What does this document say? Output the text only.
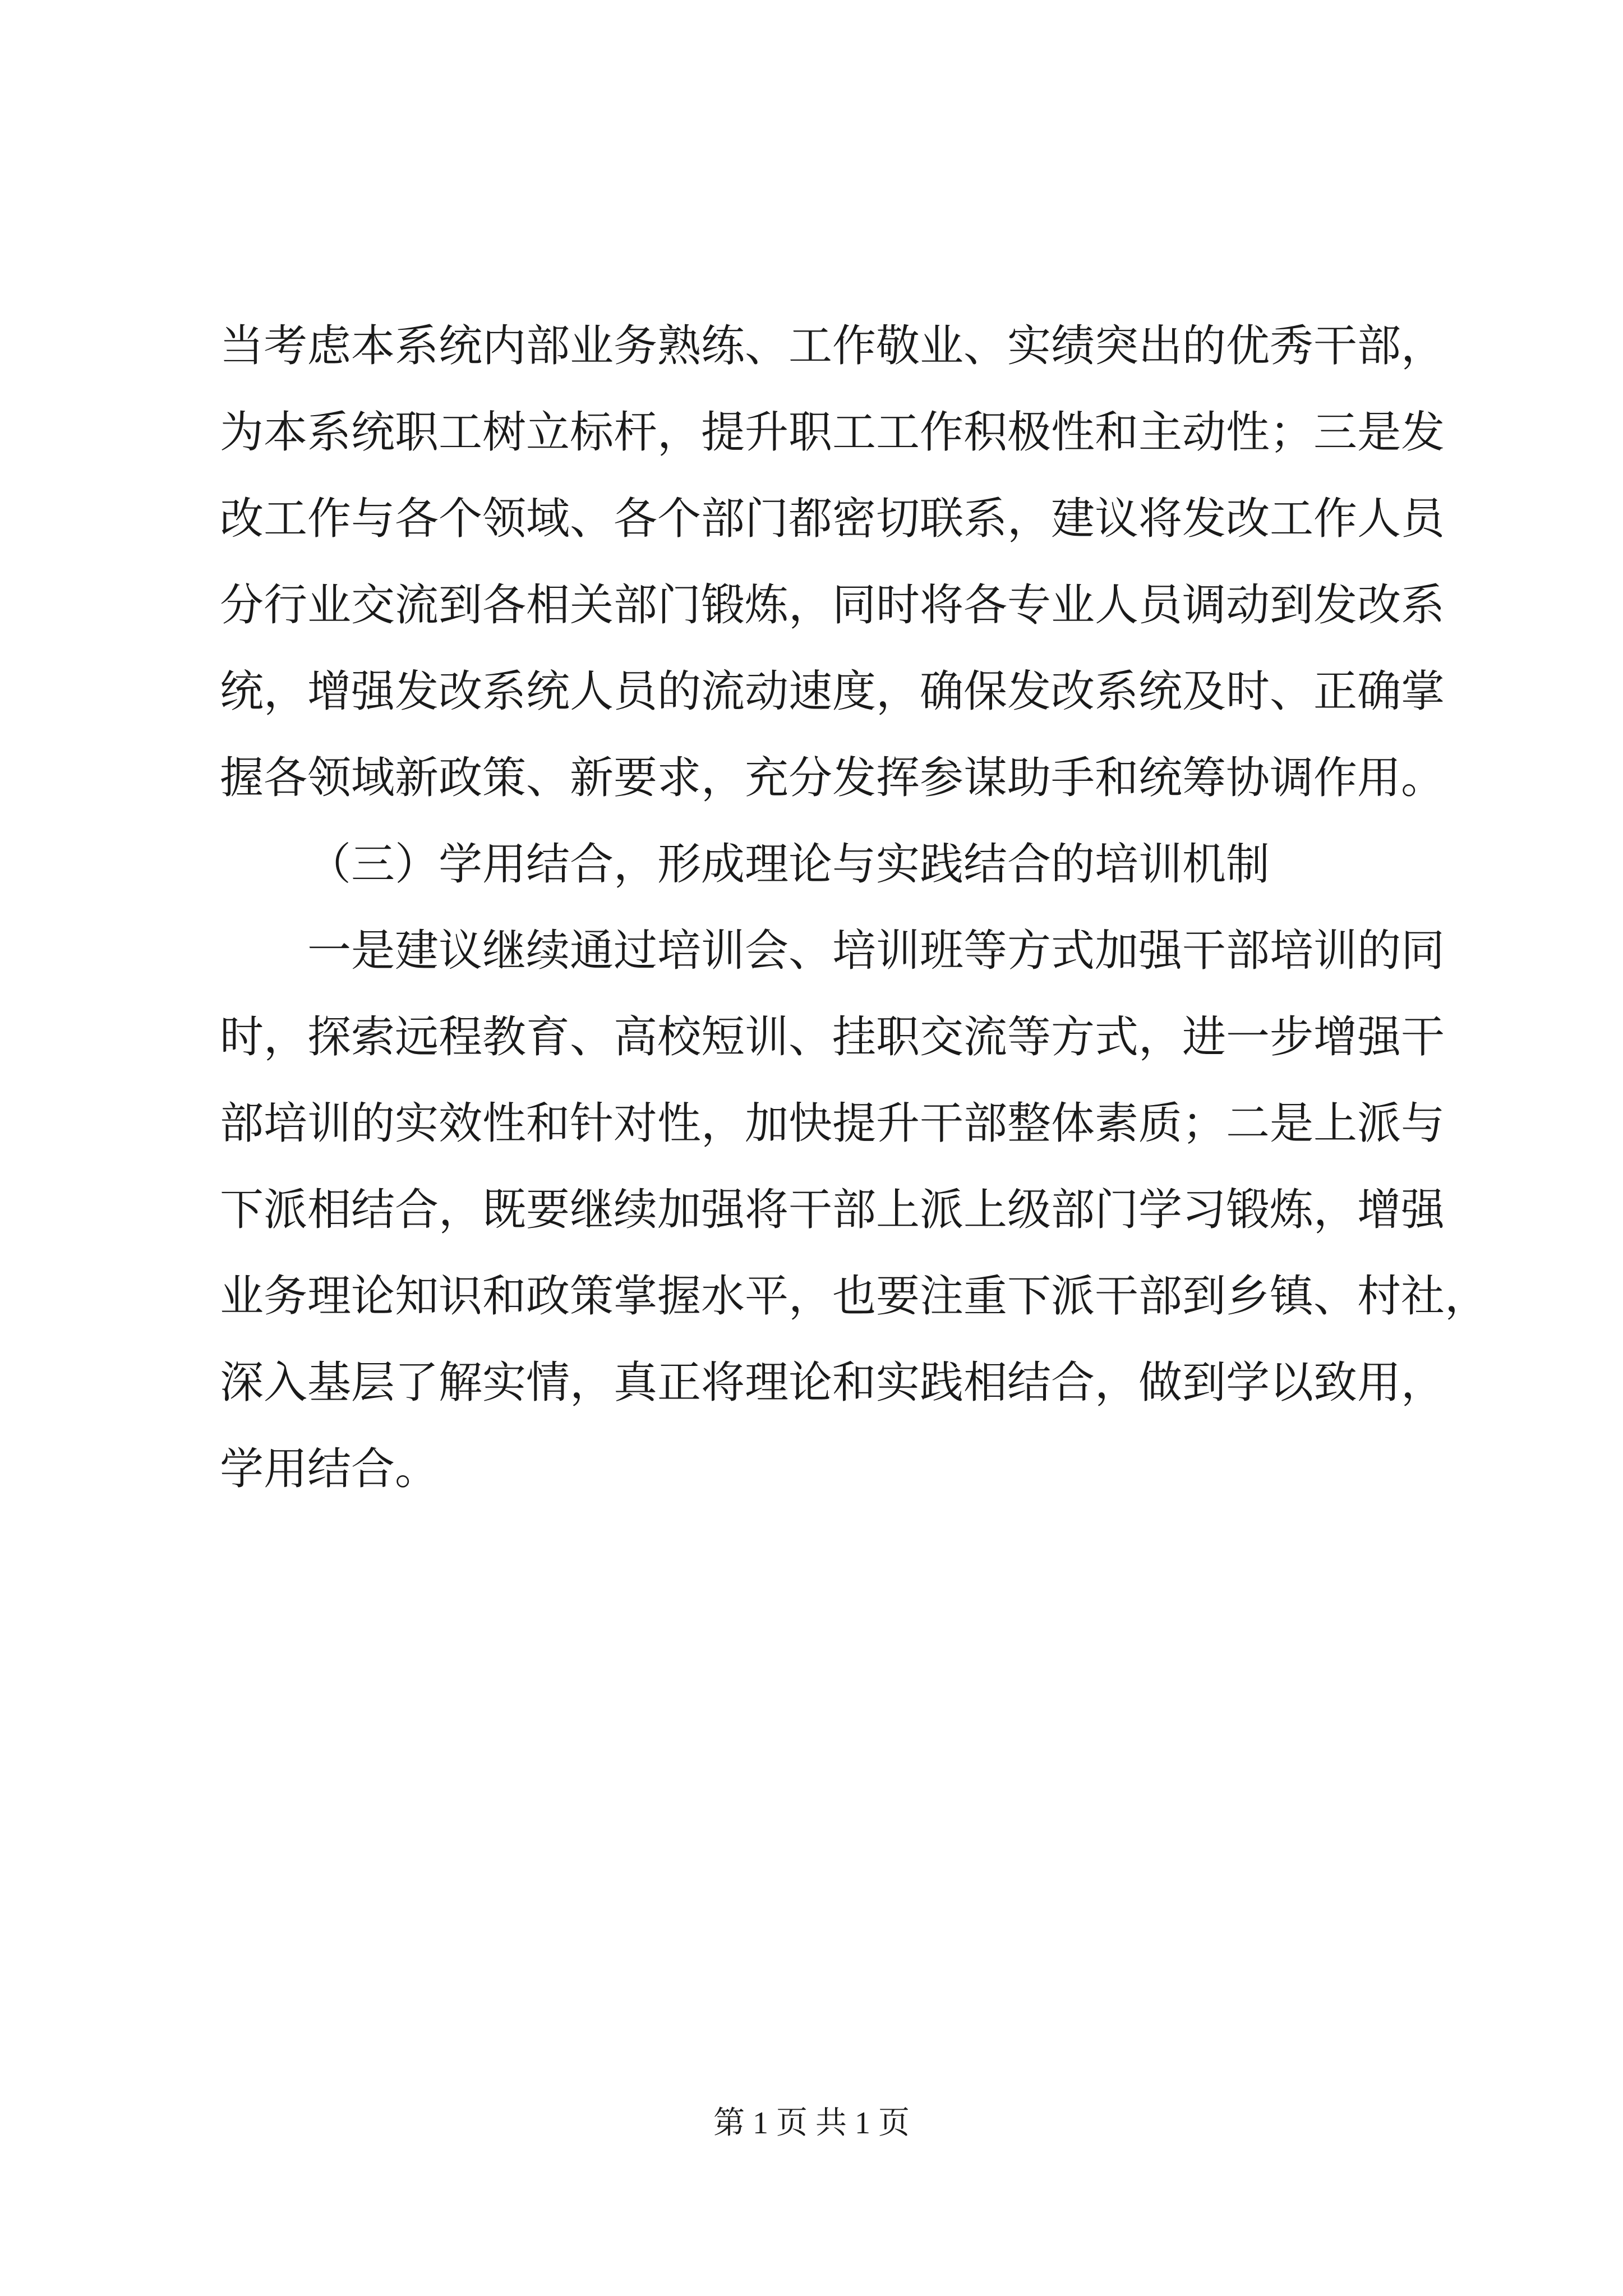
当考虑本系统内部业务熟练、工作敬业、实绩突出的优秀干部，
为本系统职工树立标杆，提升职工工作积极性和主动性；三是发
改工作与各个领域、各个部门都密切联系，建议将发改工作人员
分行业交流到各相关部门锻炼，同时将各专业人员调动到发改系
统，增强发改系统人员的流动速度，确保发改系统及时、正确掌
握各领域新政策、新要求，充分发挥参谋助手和统筹协调作用。
（三）学用结合，形成理论与实践结合的培训机制
一是建议继续通过培训会、培训班等方式加强干部培训的同
时，探索远程教育、高校短训、挂职交流等方式，进一步增强干
部培训的实效性和针对性，加快提升干部整体素质；二是上派与
下派相结合，既要继续加强将干部上派上级部门学习锻炼，增强
业务理论知识和政策掌握水平，也要注重下派干部到乡镇、村社，
深入基层了解实情，真正将理论和实践相结合，做到学以致用，
学用结合。
第 1 页 共 1 页
